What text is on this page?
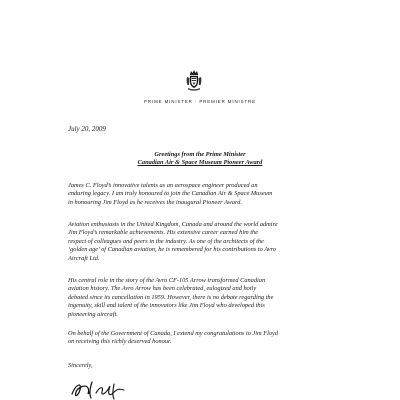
PRIME MINISTER · PREMIER MINISTRE
July 20, 2009
Greetings from the Prime Minister
Canadian Air & Space Museum Pioneer Award
James C. Floyd’s innovative talents as an aerospace engineer produced an
enduring legacy. I am truly honoured to join the Canadian Air & Space Museum
in honouring Jim Floyd as he receives the inaugural Pioneer Award.
Aviation enthusiasts in the United Kingdom, Canada and around the world admire
Jim Floyd’s remarkable achievements. His extensive career earned him the
respect of colleagues and peers in the industry. As one of the architects of the
‘golden age’ of Canadian aviation, he is remembered for his contributions to Avro
Aircraft Ltd.
His central role in the story of the Avro CF-105 Arrow transformed Canadian
aviation history. The Avro Arrow has been celebrated, eulogized and hotly
debated since its cancellation in 1959. However, there is no debate regarding the
ingenuity, skill and talent of the innovators like Jim Floyd who developed this
pioneering aircraft.
On behalf of the Government of Canada, I extend my congratulations to Jim Floyd
on receiving this richly deserved honour.
Sincerely,
